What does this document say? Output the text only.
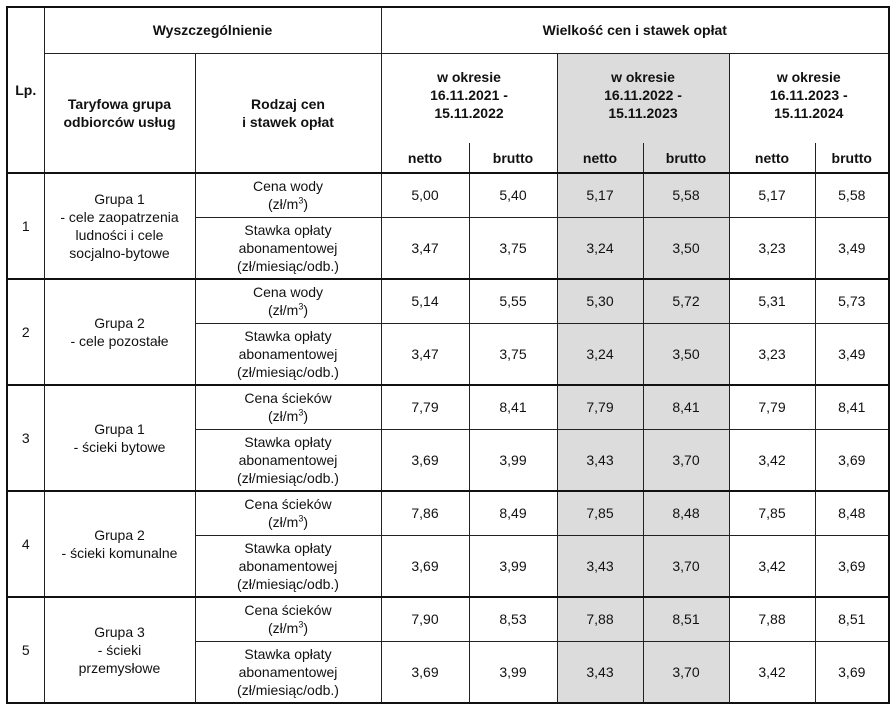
Lp.	Wyszczególnienie		Wielkość cen i stawek opłat					

	Taryfowa grupa
odbiorców usług	Rodzaj cen
i stawek opłat	w okresie
16.11.2021 -
15.11.2022		w okresie
16.11.2022 -
15.11.2023		w okresie
16.11.2023 -
15.11.2024	

			netto	brutto	netto	brutto	netto	brutto
1	Grupa 1
- cele zaopatrzenia
ludności i cele
socjalno-bytowe	Cena wody
$(zł/m^3)$	5,00	5,40	5,17	5,58	5,17	5,58

		Stawka opłaty
abonamentowej
(zł/miesiąc/odb.)	3,47	3,75	3,24	3,50	3,23	3,49
2	Grupa 2
- cele pozostałe	Cena wody
$(zł/m^3)$	5,14	5,55	5,30	5,72	5,31	5,73

		Stawka opłaty
abonamentowej
(zł/miesiąc/odb.)	3,47	3,75	3,24	3,50	3,23	3,49
3	Grupa 1
- ścieki bytowe	Cena ścieków
$(zł/m^3)$	7,79	8,41	7,79	8,41	7,79	8,41

		Stawka opłaty
abonamentowej
(zł/miesiąc/odb.)	3,69	3,99	3,43	3,70	3,42	3,69
4	Grupa 2
- ścieki komunalne	Cena ścieków
$(zł/m^3)$	7,86	8,49	7,85	8,48	7,85	8,48

		Stawka opłaty
abonamentowej
(zł/miesiąc/odb.)	3,69	3,99	3,43	3,70	3,42	3,69
5	Grupa 3
- ścieki
przemysłowe	Cena ścieków
$(zł/m^3)$	7,90	8,53	7,88	8,51	7,88	8,51

		Stawka opłaty
abonamentowej
(zł/miesiąc/odb.)	3,69	3,99	3,43	3,70	3,42	3,69
